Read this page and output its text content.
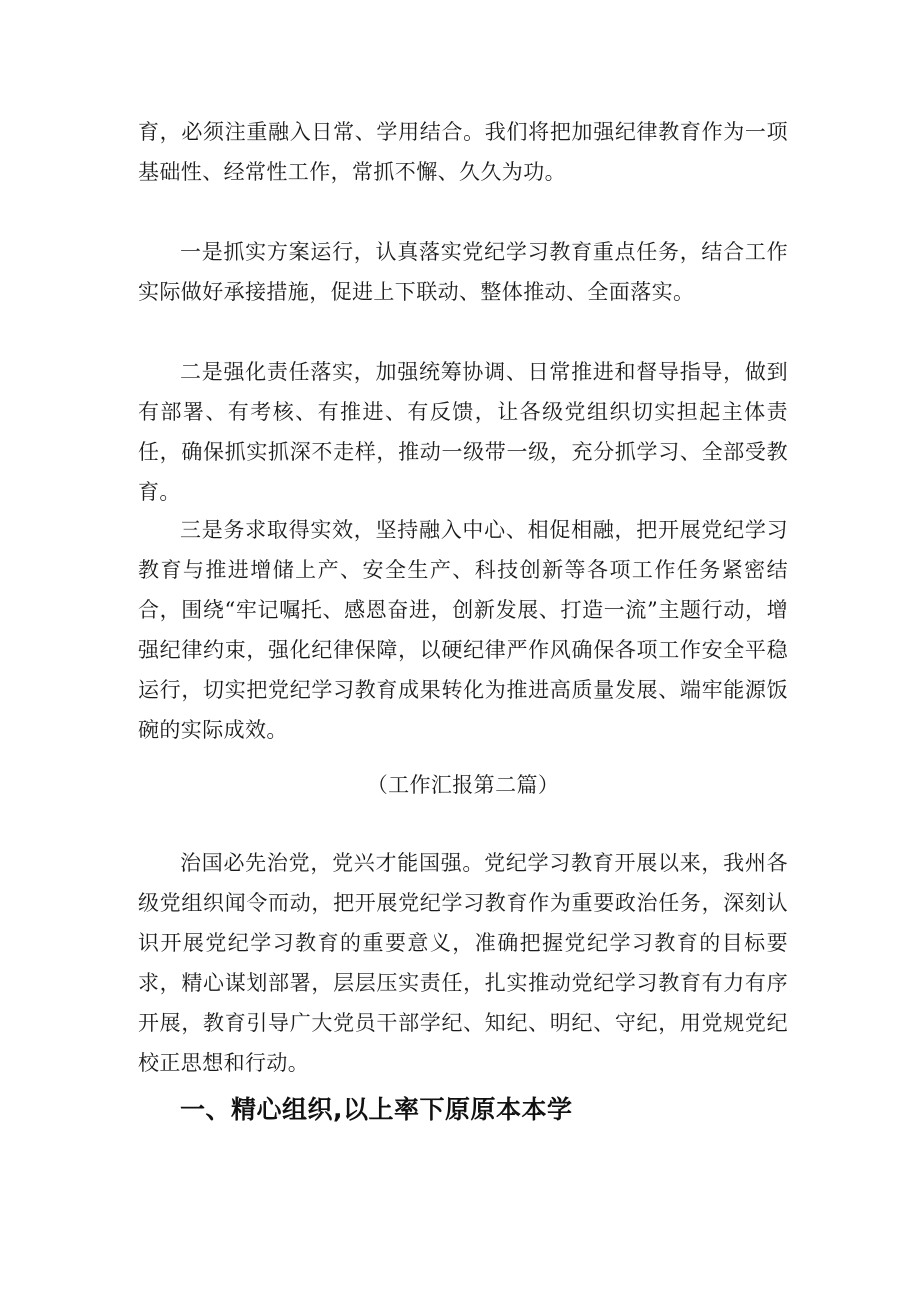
育，必须注重融入日常、学用结合。我们将把加强纪律教育作为一项基础性、经常性工作，常抓不懈、久久为功。

一是抓实方案运行，认真落实党纪学习教育重点任务，结合工作实际做好承接措施，促进上下联动、整体推动、全面落实。

二是强化责任落实，加强统筹协调、日常推进和督导指导，做到有部署、有考核、有推进、有反馈，让各级党组织切实担起主体责任，确保抓实抓深不走样，推动一级带一级，充分抓学习、全部受教育。

三是务求取得实效，坚持融入中心、相促相融，把开展党纪学习教育与推进增储上产、安全生产、科技创新等各项工作任务紧密结合，围绕“牢记嘱托、感恩奋进，创新发展、打造一流”主题行动，增强纪律约束，强化纪律保障，以硬纪律严作风确保各项工作安全平稳运行，切实把党纪学习教育成果转化为推进高质量发展、端牢能源饭碗的实际成效。

（工作汇报第二篇）

治国必先治党，党兴才能国强。党纪学习教育开展以来，我州各级党组织闻令而动，把开展党纪学习教育作为重要政治任务，深刻认识开展党纪学习教育的重要意义，准确把握党纪学习教育的目标要求，精心谋划部署，层层压实责任，扎实推动党纪学习教育有力有序开展，教育引导广大党员干部学纪、知纪、明纪、守纪，用党规党纪校正思想和行动。

一、精心组织,以上率下原原本本学
